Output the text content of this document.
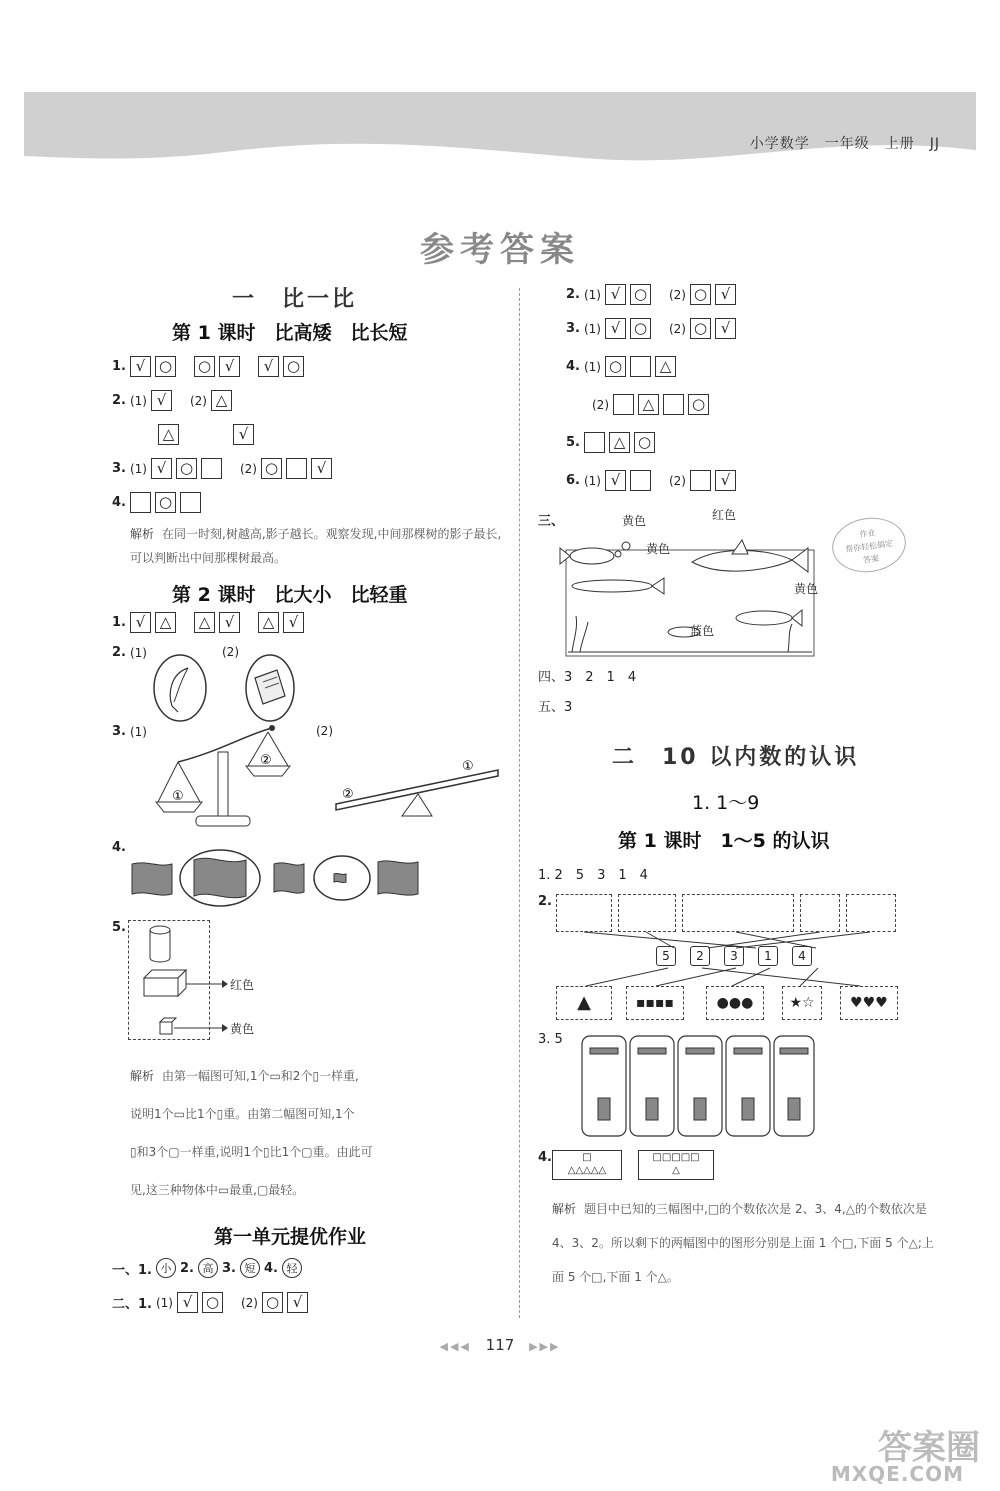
小学数学　一年级　上册　JJ
参考答案
一　比一比
第 1 课时　比高矮　比长短
1. √ ○ ○ √	√ ○
2. (1) √	(2) △
△	√
3. (1) √ ○	(2) ○	√
4. ○
解析 在同一时刻,树越高,影子越长。观察发现,中间那棵树的影子最长,可以判断出中间那棵树最高。
第 2 课时　比大小　比轻重
1. √ △	△ √	△ √
2. (1)	(2)
3. (1)	(2)
①
②
②
①
4.
5.
红色
黄色
解析 由第一幅图可知,1个▭和2个▯一样重,
说明1个▭比1个▯重。由第二幅图可知,1个
▯和3个▢一样重,说明1个▯比1个▢重。由此可
见,这三种物体中▭最重,▢最轻。
第一单元提优作业
一、1. 小 2. 高 3. 短 4. 轻
二、1. (1) √ ○	(2) ○ √
2. (1) √ ○	(2) ○ √
3. (1) √ ○	(2) ○ √
4. (1) ○	△
(2)	△	○
5.	△ ○
6. (1) √	(2)	√
三、	黄色	红色
黄色
蓝色
黄色
作业
帮你轻松搞定
答案
四、3　2　1　4
五、3
二　10 以内数的认识
1. 1～9
第 1 课时　1～5 的认识
1. 2　5　3　1　4
2.
5	2	3	1	4
▲	▪▪▪▪	●●●	★☆	♥♥♥
3. 5
4.	□
△△△△△
□□□□□
△
解析 题目中已知的三幅图中,□的个数依次是 2、3、4,△的个数依次是 4、3、2。所以剩下的两幅图中的图形分别是上面 1 个□,下面 5 个△;上面 5 个□,下面 1 个△。
◀◀◀ 117 ▶▶▶
答案圈
MXQE.COM
